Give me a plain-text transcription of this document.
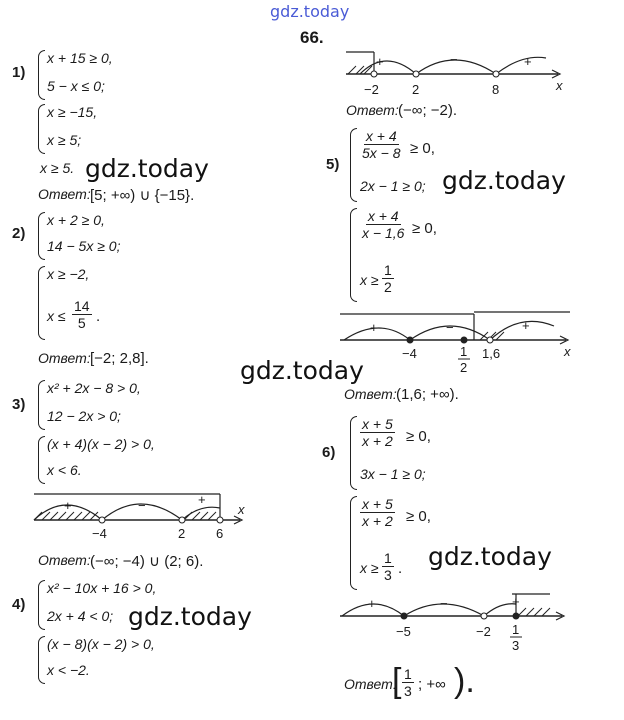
gdz.today
66.
1)
x + 15 ≥ 0,
5 − x ≤ 0;
x ≥ −15,
x ≥ 5;
x ≥ 5. gdz.today
Ответ: [5; +∞) ∪ {−15}.
2)
x + 2 ≥ 0,
14 − 5x ≥ 0;
x ≥ −2,
$x \le \frac{14}{5}$ .
Ответ: [−2; 2,8].	gdz.today
3)
x² + 2x − 8 > 0,
12 − 2x > 0;
(x + 4)(x − 2) > 0,
x < 6.
+	−	+
−4	2 6
x
Ответ: (−∞; −4) ∪ (2; 6).
4)
x² − 10x + 16 > 0,
2x + 4 < 0; gdz.today
(x − 8)(x − 2) > 0,
x < −2.
+	−	+
−2	2	8	x
Ответ: (−∞; −2).
5)
$\frac{x + 4}{5x - 8} \ge 0$,
2x − 1 ≥ 0; gdz.today
$\frac{x + 4}{x - 1,6} \ge 0$,
$x \ge \frac{1}{2}$
+	−	+
−4	1
2
1,6	x
Ответ: (1,6; +∞).
6)
$\frac{x + 5}{x + 2} \ge 0$,
3x − 1 ≥ 0;
$\frac{x + 5}{x + 2} \ge 0$,
$x \ge \frac{1}{3}$ . gdz.today
+	−	+
−5	−2 1
3
Ответ:
[ $\frac{1}{3}$ ; +∞ ).
